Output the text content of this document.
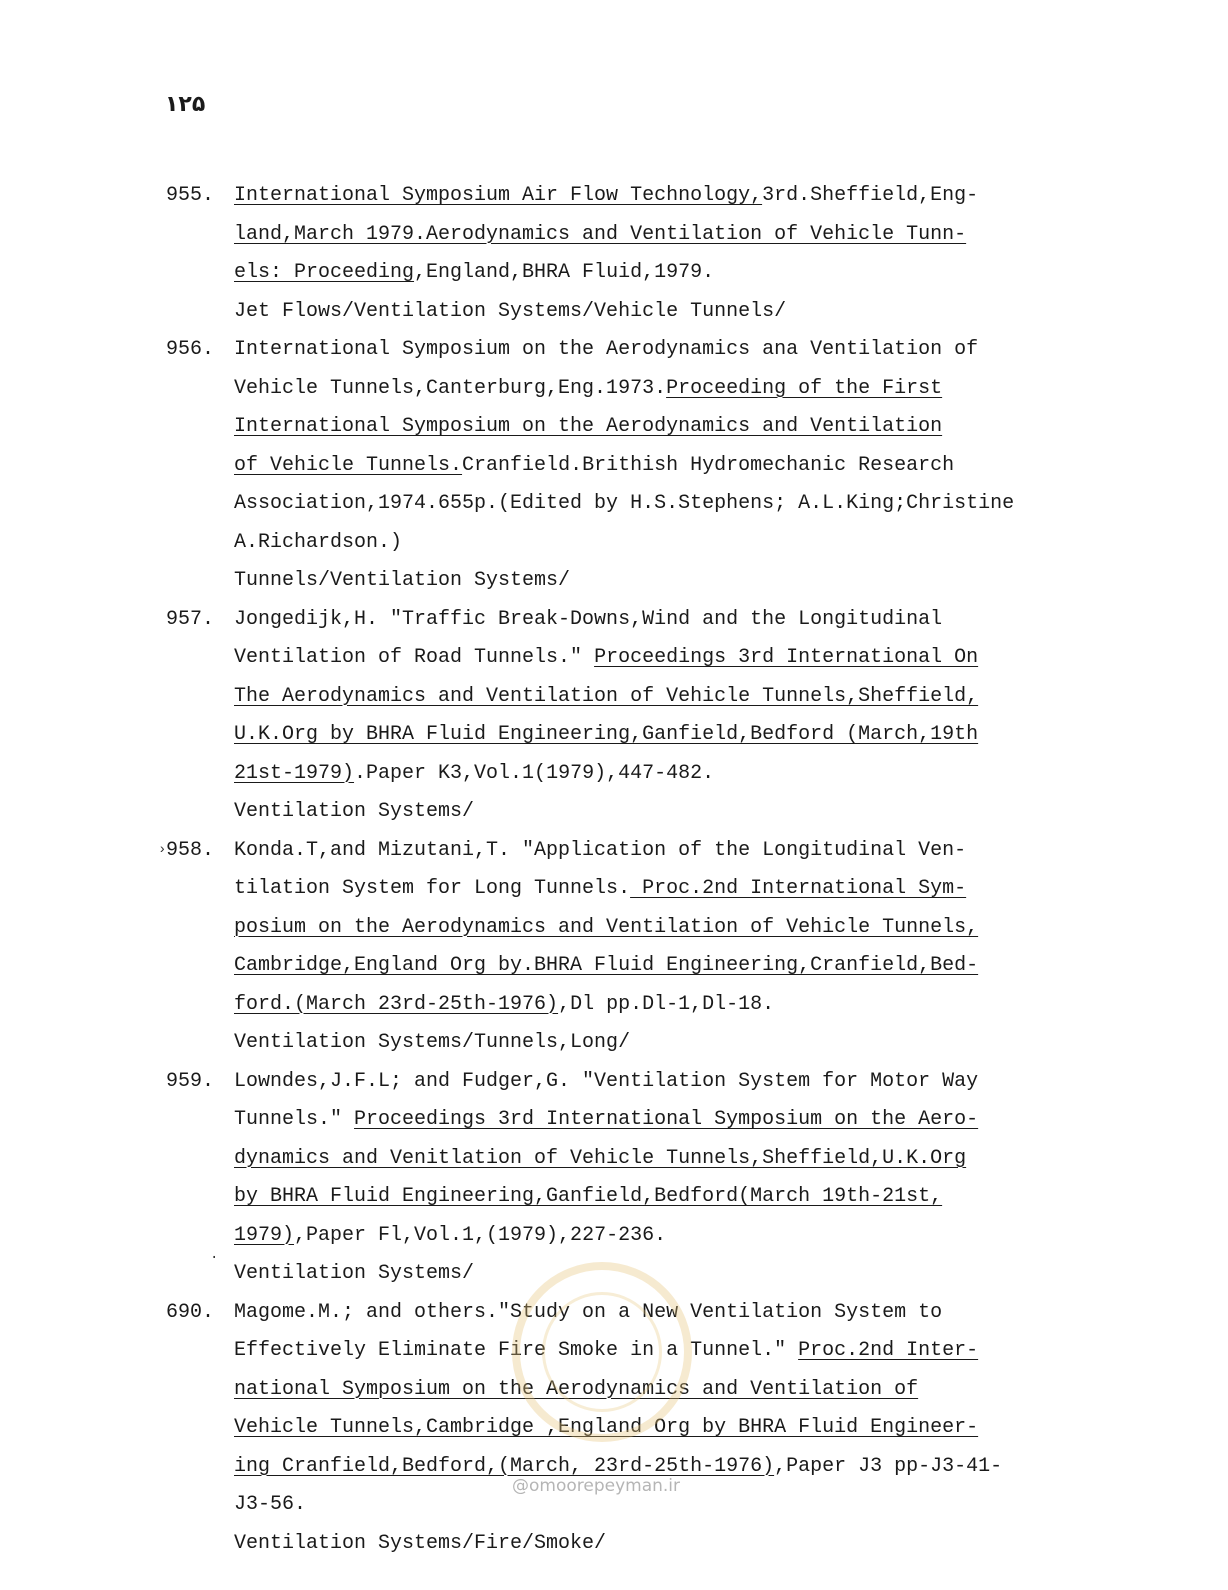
١٢۵
955. International Symposium Air Flow Technology,3rd.Sheffield,Eng-
land,March 1979.Aerodynamics and Ventilation of Vehicle Tunn-
els: Proceeding,England,BHRA Fluid,1979.
Jet Flows/Ventilation Systems/Vehicle Tunnels/
956. International Symposium on the Aerodynamics ana Ventilation of
Vehicle Tunnels,Canterburg,Eng.1973.Proceeding of the First
International Symposium on the Aerodynamics and Ventilation
of Vehicle Tunnels.Cranfield.Brithish Hydromechanic Research
Association,1974.655p.(Edited by H.S.Stephens; A.L.King;Christine
A.Richardson.)
Tunnels/Ventilation Systems/
957. Jongedijk,H. "Traffic Break-Downs,Wind and the Longitudinal
Ventilation of Road Tunnels." Proceedings 3rd International On
The Aerodynamics and Ventilation of Vehicle Tunnels,Sheffield,
U.K.Org by BHRA Fluid Engineering,Ganfield,Bedford (March,19th
21st-1979).Paper K3,Vol.1(1979),447-482.
Ventilation Systems/
958. Konda.T,and Mizutani,T. "Application of the Longitudinal Ven-
tilation System for Long Tunnels. Proc.2nd International Sym-
posium on the Aerodynamics and Ventilation of Vehicle Tunnels,
Cambridge,England Org by.BHRA Fluid Engineering,Cranfield,Bed-
ford.(March 23rd-25th-1976),Dl pp.Dl-1,Dl-18.
Ventilation Systems/Tunnels,Long/
959. Lowndes,J.F.L; and Fudger,G. "Ventilation System for Motor Way
Tunnels." Proceedings 3rd International Symposium on the Aero-
dynamics and Venitlation of Vehicle Tunnels,Sheffield,U.K.Org
by BHRA Fluid Engineering,Ganfield,Bedford(March 19th-21st,
1979),Paper Fl,Vol.1,(1979),227-236.
Ventilation Systems/
690. Magome.M.; and others."Study on a New Ventilation System to
Effectively Eliminate Fire Smoke in a Tunnel." Proc.2nd Inter-
national Symposium on the Aerodynamics and Ventilation of
Vehicle Tunnels,Cambridge ,England Org by BHRA Fluid Engineer-
ing Cranfield,Bedford,(March, 23rd-25th-1976),Paper J3 pp-J3-41-
J3-56.
Ventilation Systems/Fire/Smoke/
@omoorepeyman.ir
›
·
